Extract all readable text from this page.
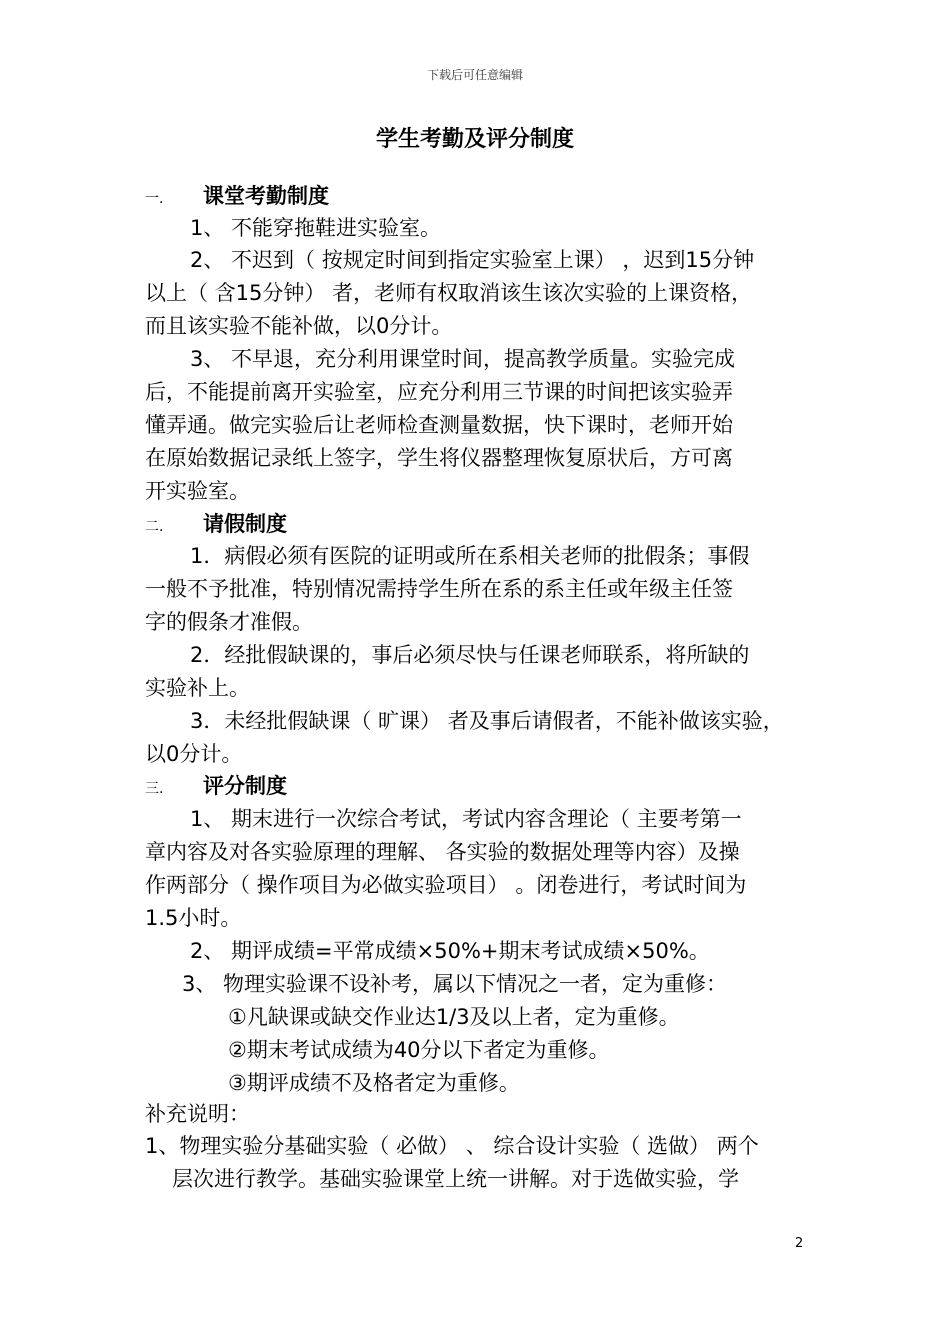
下载后可任意编辑
学生考勤及评分制度
一. 课堂考勤制度
1、 不能穿拖鞋进实验室。
2、 不迟到（ 按规定时间到指定实验室上课） ，迟到15分钟
以上（ 含15分钟） 者，老师有权取消该生该次实验的上课资格，
而且该实验不能补做，以0分计。
3、 不早退，充分利用课堂时间，提高教学质量。实验完成
后，不能提前离开实验室，应充分利用三节课的时间把该实验弄
懂弄通。做完实验后让老师检查测量数据，快下课时，老师开始
在原始数据记录纸上签字，学生将仪器整理恢复原状后，方可离
开实验室。
二. 请假制度
1．病假必须有医院的证明或所在系相关老师的批假条；事假
一般不予批准，特别情况需持学生所在系的系主任或年级主任签
字的假条才准假。
2．经批假缺课的，事后必须尽快与任课老师联系，将所缺的
实验补上。
3．未经批假缺课（ 旷课） 者及事后请假者，不能补做该实验，
以0分计。
三. 评分制度
1、 期末进行一次综合考试，考试内容含理论（ 主要考第一
章内容及对各实验原理的理解、 各实验的数据处理等内容）及操
作两部分（ 操作项目为必做实验项目） 。闭卷进行，考试时间为
1.5小时。
2、 期评成绩=平常成绩×50%+期末考试成绩×50%。
3、 物理实验课不设补考，属以下情况之一者，定为重修：
①凡缺课或缺交作业达1/3及以上者，定为重修。
②期末考试成绩为40分以下者定为重修。
③期评成绩不及格者定为重修。
补充说明：
1、物理实验分基础实验（ 必做） 、 综合设计实验（ 选做） 两个
层次进行教学。基础实验课堂上统一讲解。对于选做实验，学
2
